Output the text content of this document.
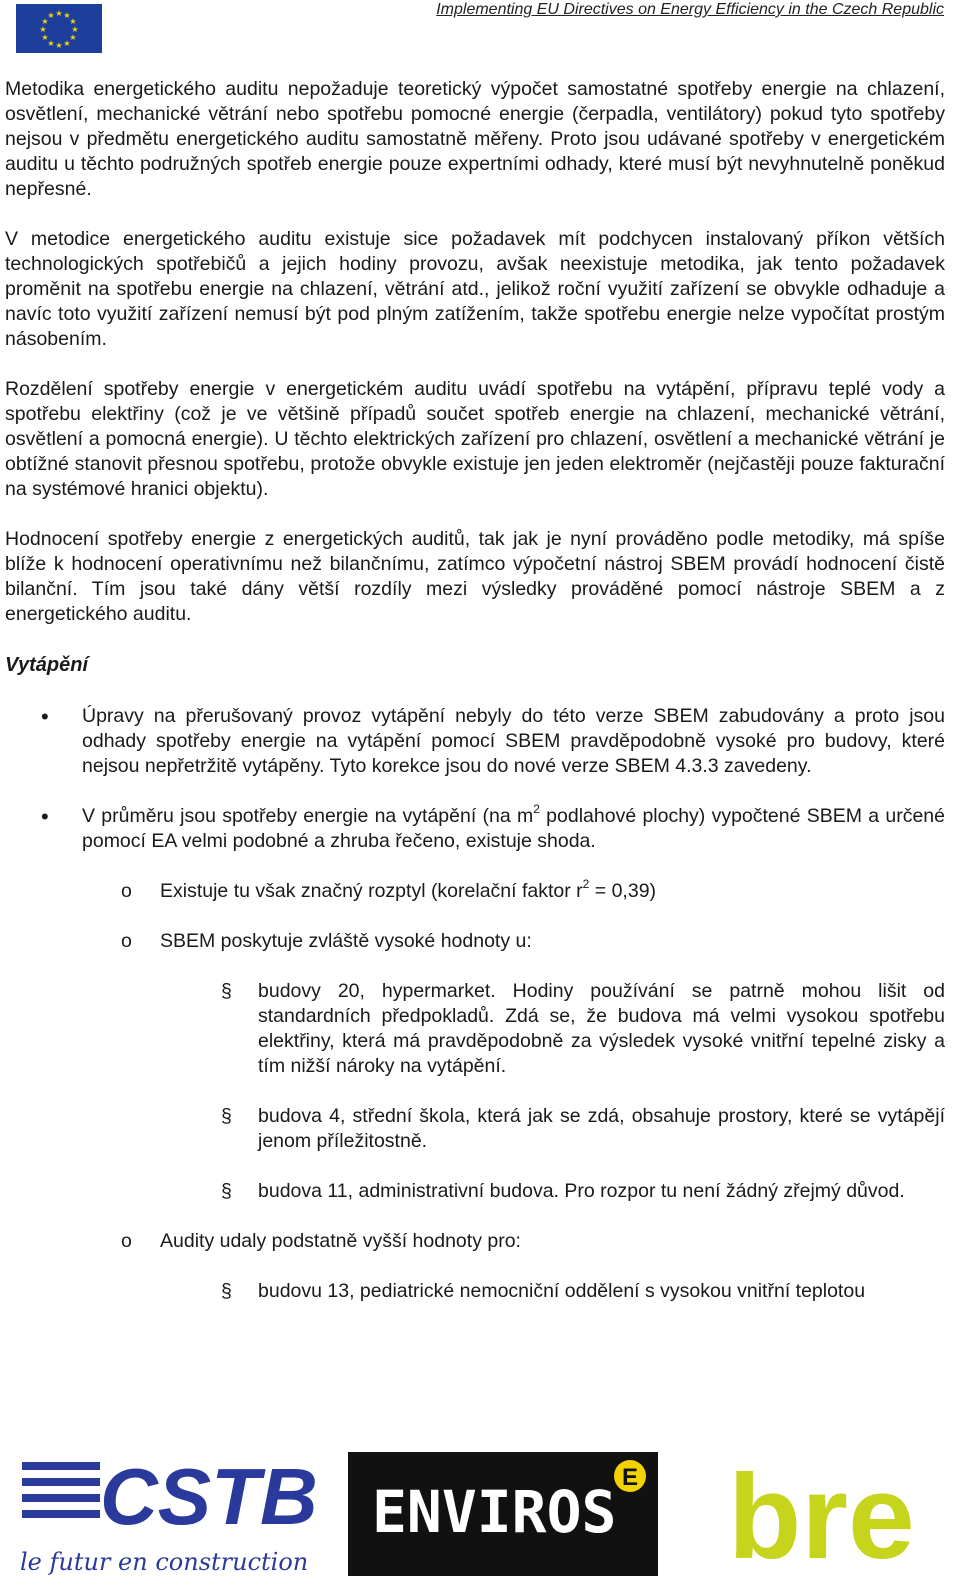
★ ★
★
★
★
★
★
★
★
★
★
★	Implementing EU Directives on Energy Efficiency in the Czech Republic

Metodika energetického auditu nepožaduje teoretický výpočet samostatné spotřeby energie na chlazení, osvětlení, mechanické větrání nebo spotřebu pomocné energie (čerpadla, ventilátory) pokud tyto spotřeby nejsou v předmětu energetického auditu samostatně měřeny. Proto jsou udávané spotřeby v energetickém auditu u těchto podružných spotřeb energie pouze expertními odhady, které musí být nevyhnutelně poněkud nepřesné.

V metodice energetického auditu existuje sice požadavek mít podchycen instalovaný příkon větších technologických spotřebičů a jejich hodiny provozu, avšak neexistuje metodika, jak tento požadavek proměnit na spotřebu energie na chlazení, větrání atd., jelikož roční využití zařízení se obvykle odhaduje a navíc toto využití zařízení nemusí být pod plným zatížením, takže spotřebu energie nelze vypočítat prostým násobením.

Rozdělení spotřeby energie v energetickém auditu uvádí spotřebu na vytápění, přípravu teplé vody a spotřebu elektřiny (což je ve většině případů součet spotřeb energie na chlazení, mechanické větrání, osvětlení a pomocná energie). U těchto elektrických zařízení pro chlazení, osvětlení a mechanické větrání je obtížné stanovit přesnou spotřebu, protože obvykle existuje jen jeden elektroměr (nejčastěji pouze fakturační na systémové hranici objektu).

Hodnocení spotřeby energie z energetických auditů, tak jak je nyní prováděno podle metodiky, má spíše blíže k hodnocení operativnímu než bilančnímu, zatímco výpočetní nástroj SBEM provádí hodnocení čistě bilanční. Tím jsou také dány větší rozdíly mezi výsledky prováděné pomocí nástroje SBEM a z energetického auditu.

Vytápění
• Úpravy na přerušovaný provoz vytápění nebyly do této verze SBEM zabudovány a proto jsou odhady spotřeby energie na vytápění pomocí SBEM pravděpodobně vysoké pro budovy, které nejsou nepřetržitě vytápěny. Tyto korekce jsou do nové verze SBEM 4.3.3 zavedeny.
• V průměru jsou spotřeby energie na vytápění (na $m^2$ podlahové plochy) vypočtené SBEM a určené pomocí EA velmi podobné a zhruba řečeno, existuje shoda.
o Existuje tu však značný rozptyl (korelační faktor $r^2 = 0,39$)
o SBEM poskytuje zvláště vysoké hodnoty u:
§ budovy 20, hypermarket. Hodiny používání se patrně mohou lišit od standardních předpokladů. Zdá se, že budova má velmi vysokou spotřebu elektřiny, která má pravděpodobně za výsledek vysoké vnitřní tepelné zisky a tím nižší nároky na vytápění.
§ budova 4, střední škola, která jak se zdá, obsahuje prostory, které se vytápějí jenom příležitostně.
§ budova 11, administrativní budova. Pro rozpor tu není žádný zřejmý důvod.
o Audity udaly podstatně vyšší hodnoty pro:
§ budovu 13, pediatrické nemocniční oddělení s vysokou vnitřní teplotou
CSTB
le futur en construction
ENVIROS
E bre
